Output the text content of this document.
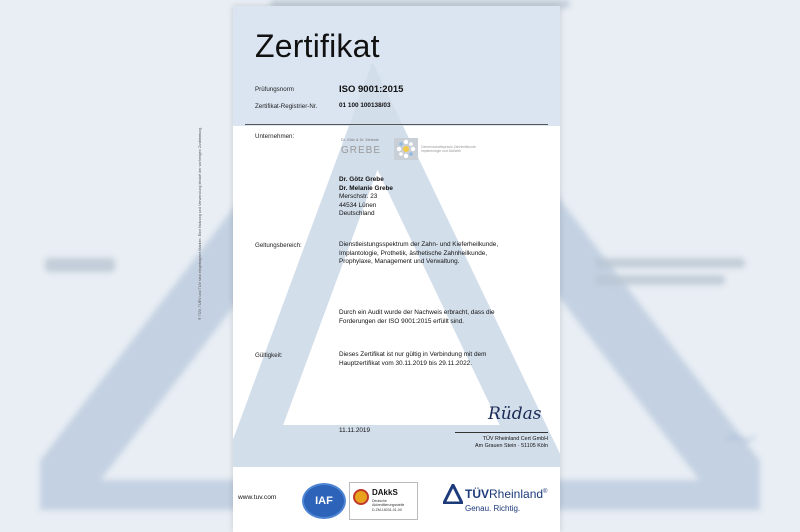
~
Zertifikat
Prüfungsnorm	ISO 9001:2015
Zertifikat-Registrier-Nr.	01 100 100138/03
Unternehmen:	Dr. Götz & Dr. Melanie
GREBE	Gemeinschaftspraxis Zahnheilkunde Implantologie und Ästhetik
Dr. Götz Grebe
Dr. Melanie Grebe
Merschstr. 23
44534 Lünen
Deutschland
Geltungsbereich:	Dienstleistungsspektrum der Zahn- und Kieferheilkunde,
Implantologie, Prothetik, ästhetische Zahnheilkunde,
Prophylaxe, Management und Verwaltung.
Durch ein Audit wurde der Nachweis erbracht, dass die
Forderungen der ISO 9001:2015 erfüllt sind.
Gültigkeit:	Dieses Zertifikat ist nur gültig in Verbindung mit dem
Hauptzertifikat vom 30.11.2019 bis 29.11.2022.
11.11.2019
Rüdas
TÜV Rheinland Cert GmbH
Am Grauen Stein · 51105 Köln
www.tuv.com	IAF
DAkkS
Deutsche
Akkreditierungsstelle
D-ZM-16031-01-00
TÜVRheinland®
Genau. Richtig.
® TÜV, TUEV und TUV sind eingetragene Marken. Eine Nutzung und Verwendung bedarf der vorherigen Zustimmung.
